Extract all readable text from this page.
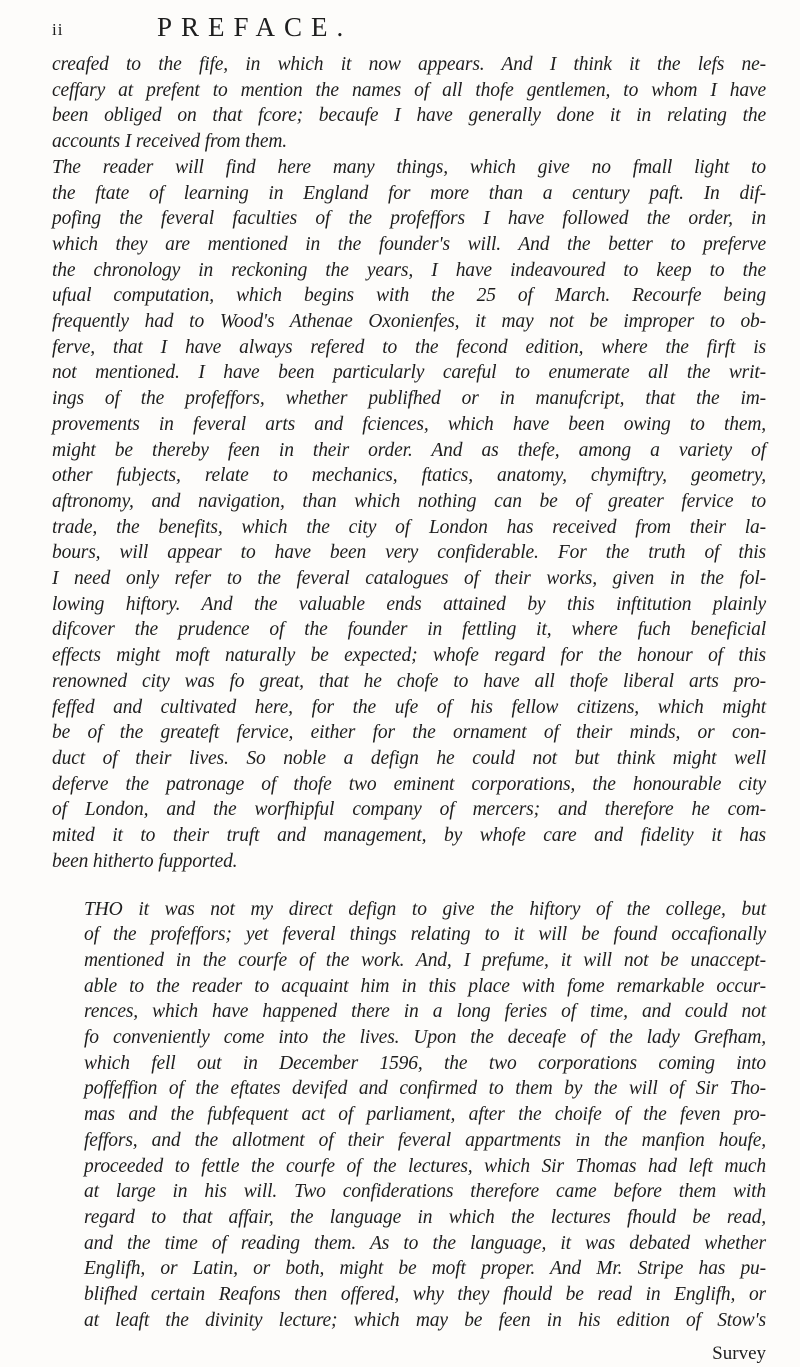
ii	PREFACE.

creafed to the fife, in which it now appears. And I think it the lefs ne-
ceffary at prefent to mention the names of all thofe gentlemen, to whom I have
been obliged on that fcore; becaufe I have generally done it in relating the
accounts I received from them.
The reader will find here many things, which give no fmall light to
the ftate of learning in England for more than a century paft. In dif-
pofing the feveral faculties of the profeffors I have followed the order, in
which they are mentioned in the founder's will. And the better to preferve
the chronology in reckoning the years, I have indeavoured to keep to the
ufual computation, which begins with the 25 of March. Recourfe being
frequently had to Wood's Athenae Oxonienfes, it may not be improper to ob-
ferve, that I have always refered to the fecond edition, where the firft is
not mentioned. I have been particularly careful to enumerate all the writ-
ings of the profeffors, whether publifhed or in manufcript, that the im-
provements in feveral arts and fciences, which have been owing to them,
might be thereby feen in their order. And as thefe, among a variety of
other fubjects, relate to mechanics, ftatics, anatomy, chymiftry, geometry,
aftronomy, and navigation, than which nothing can be of greater fervice to
trade, the benefits, which the city of London has received from their la-
bours, will appear to have been very confiderable. For the truth of this
I need only refer to the feveral catalogues of their works, given in the fol-
lowing hiftory. And the valuable ends attained by this inftitution plainly
difcover the prudence of the founder in fettling it, where fuch beneficial
effects might moft naturally be expected; whofe regard for the honour of this
renowned city was fo great, that he chofe to have all thofe liberal arts pro-
feffed and cultivated here, for the ufe of his fellow citizens, which might
be of the greateft fervice, either for the ornament of their minds, or con-
duct of their lives. So noble a defign he could not but think might well
deferve the patronage of thofe two eminent corporations, the honourable city
of London, and the worfhipful company of mercers; and therefore he com-
mited it to their truft and management, by whofe care and fidelity it has
been hitherto fupported.

THO it was not my direct defign to give the hiftory of the college, but
of the profeffors; yet feveral things relating to it will be found occafionally
mentioned in the courfe of the work. And, I prefume, it will not be unaccept-
able to the reader to acquaint him in this place with fome remarkable occur-
rences, which have happened there in a long feries of time, and could not
fo conveniently come into the lives. Upon the deceafe of the lady Grefham,
which fell out in December 1596, the two corporations coming into
poffeffion of the eftates devifed and confirmed to them by the will of Sir Tho-
mas and the fubfequent act of parliament, after the choife of the feven pro-
feffors, and the allotment of their feveral appartments in the manfion houfe,
proceeded to fettle the courfe of the lectures, which Sir Thomas had left much
at large in his will. Two confiderations therefore came before them with
regard to that affair, the language in which the lectures fhould be read,
and the time of reading them. As to the language, it was debated whether
Englifh, or Latin, or both, might be moft proper. And Mr. Stripe has pu-
blifhed certain Reafons then offered, why they fhould be read in Englifh, or
at leaft the divinity lecture; which may be feen in his edition of Stow's

Survey
